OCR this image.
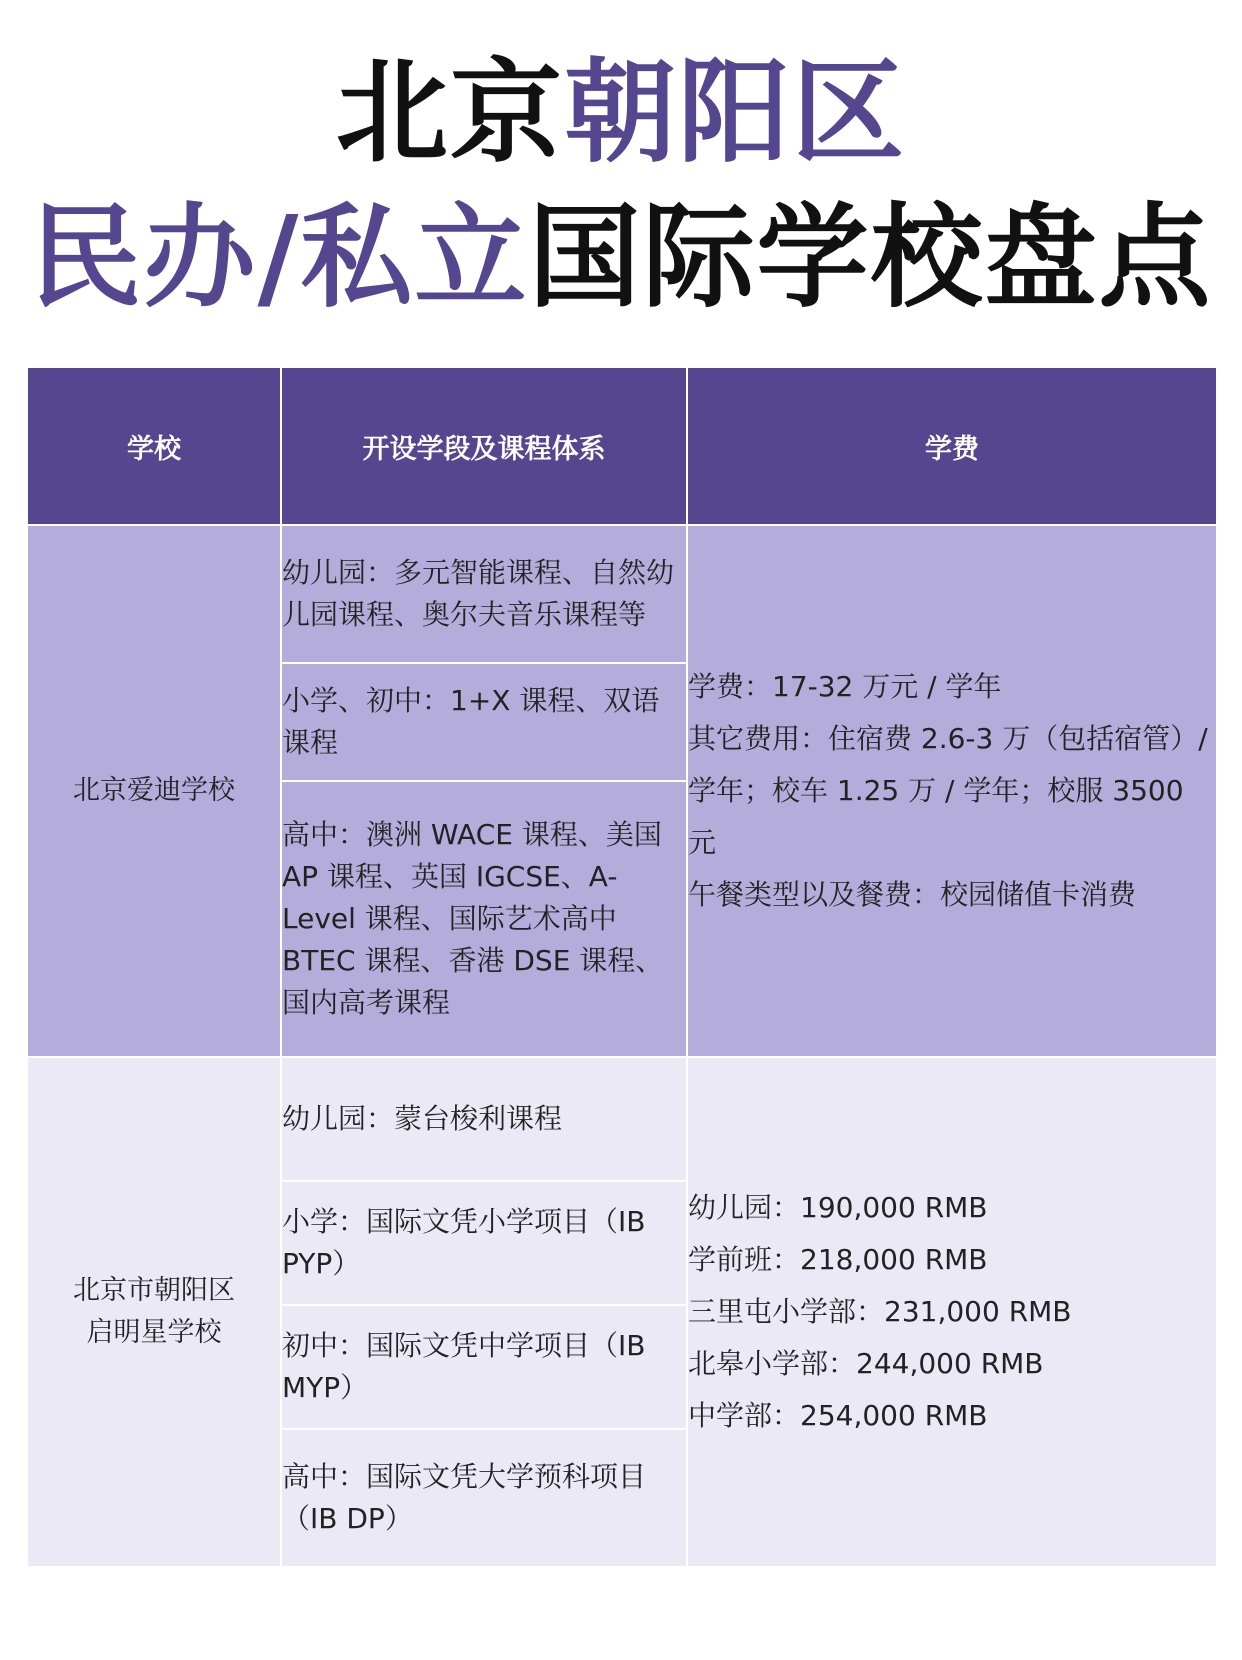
北京朝阳区
民办/私立国际学校盘点
学校	开设学段及课程体系	学费
北京爱迪学校	幼儿园：多元智能课程、自然幼儿园课程、奥尔夫音乐课程等	学费：17-32 万元 / 学年
其它费用：住宿费 2.6-3 万（包括宿管）/ 学年；校车 1.25 万 / 学年；校服 3500 元
午餐类型以及餐费：校园储值卡消费

	小学、初中：1+X 课程、双语课程	
	高中：澳洲 WACE 课程、美国 AP 课程、英国 IGCSE、A-Level 课程、国际艺术高中 BTEC 课程、香港 DSE 课程、国内高考课程	

北京市朝阳区
启明星学校	幼儿园：蒙台梭利课程	幼儿园：190,000 RMB
学前班：218,000 RMB
三里屯小学部：231,000 RMB
北皋小学部：244,000 RMB
中学部：254,000 RMB

	小学：国际文凭小学项目（IB PYP）	
	初中：国际文凭中学项目（IB MYP）	
	高中：国际文凭大学预科项目（IB DP）	
